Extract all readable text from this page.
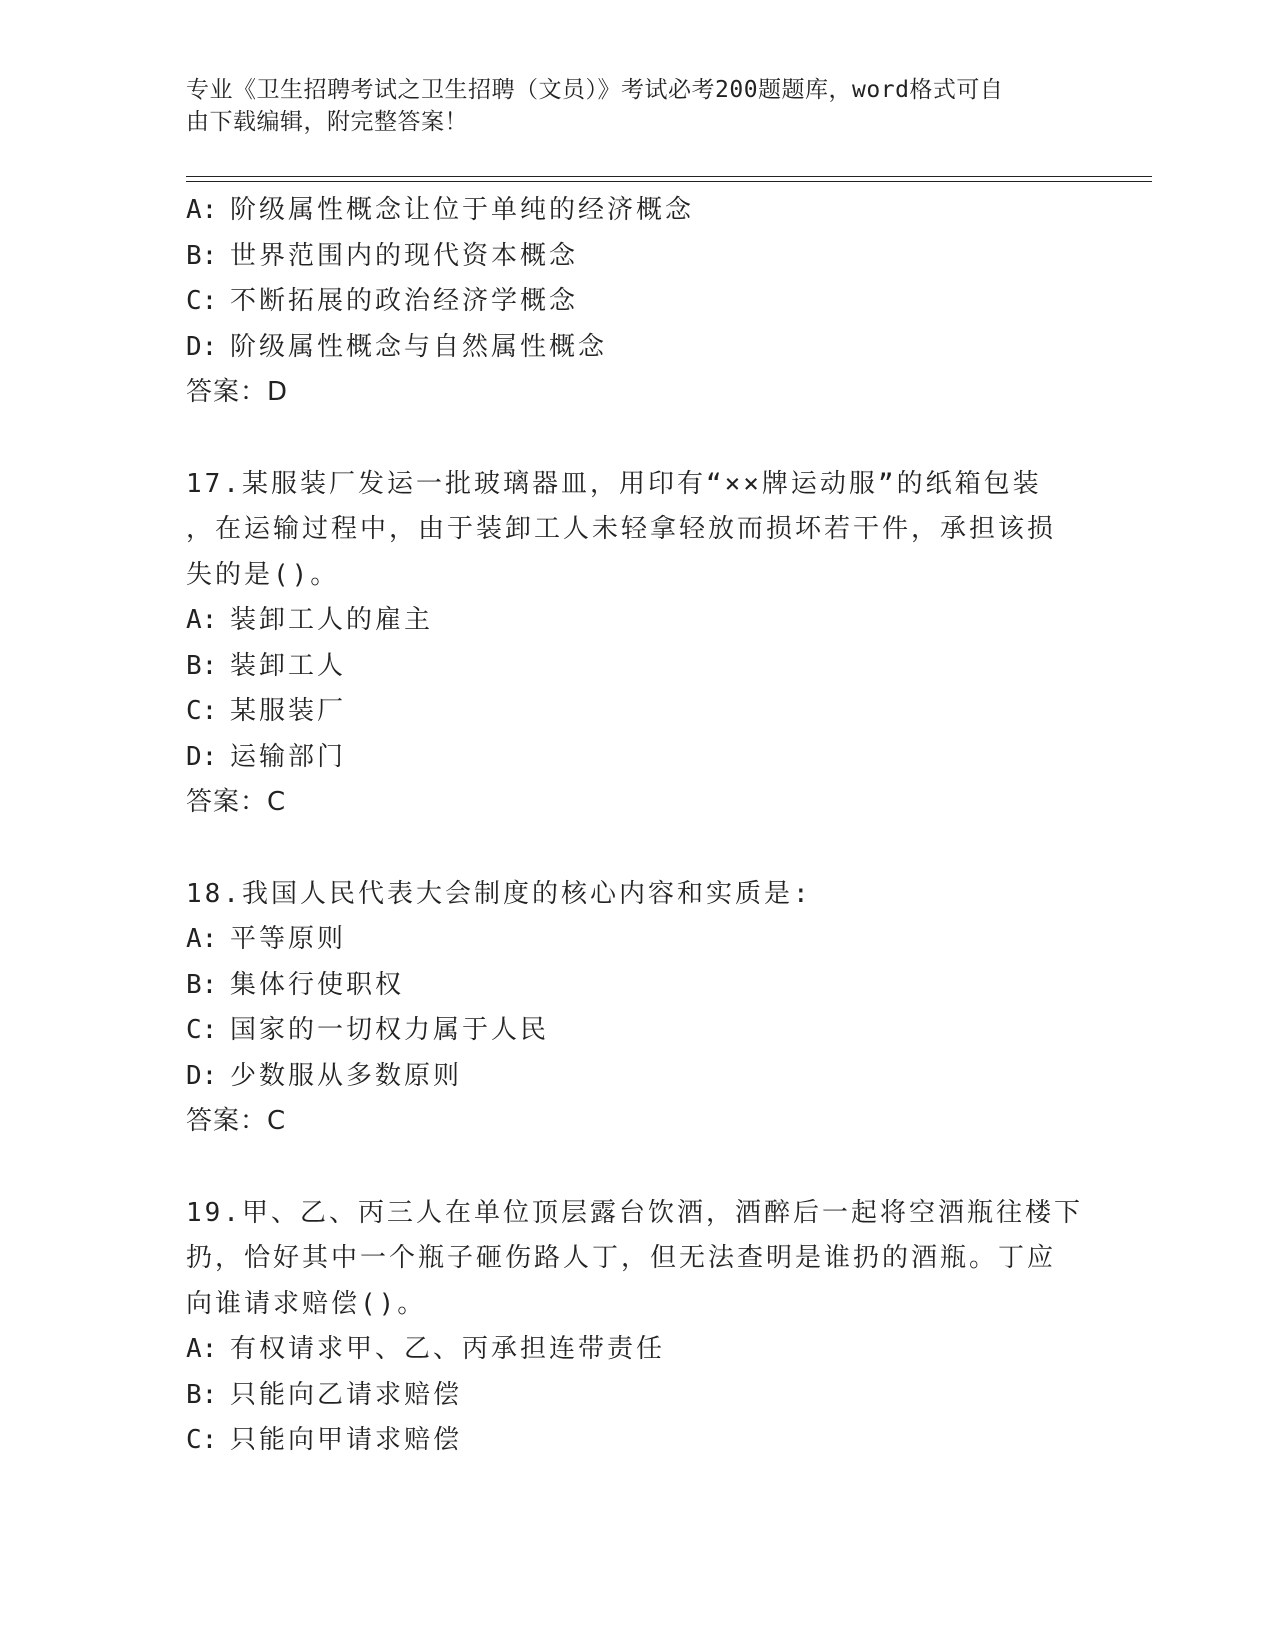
专业《卫生招聘考试之卫生招聘（文员）》考试必考200题题库，word格式可自
由下载编辑，附完整答案！
A: 阶级属性概念让位于单纯的经济概念
B: 世界范围内的现代资本概念
C: 不断拓展的政治经济学概念
D: 阶级属性概念与自然属性概念
答案：D
17.某服装厂发运一批玻璃器皿，用印有“××牌运动服”的纸箱包装
，在运输过程中，由于装卸工人未轻拿轻放而损坏若干件，承担该损
失的是()。
A: 装卸工人的雇主
B: 装卸工人
C: 某服装厂
D: 运输部门
答案：C
18.我国人民代表大会制度的核心内容和实质是:
A: 平等原则
B: 集体行使职权
C: 国家的一切权力属于人民
D: 少数服从多数原则
答案：C
19.甲、乙、丙三人在单位顶层露台饮酒，酒醉后一起将空酒瓶往楼下
扔，恰好其中一个瓶子砸伤路人丁，但无法查明是谁扔的酒瓶。丁应
向谁请求赔偿()。
A: 有权请求甲、乙、丙承担连带责任
B: 只能向乙请求赔偿
C: 只能向甲请求赔偿
